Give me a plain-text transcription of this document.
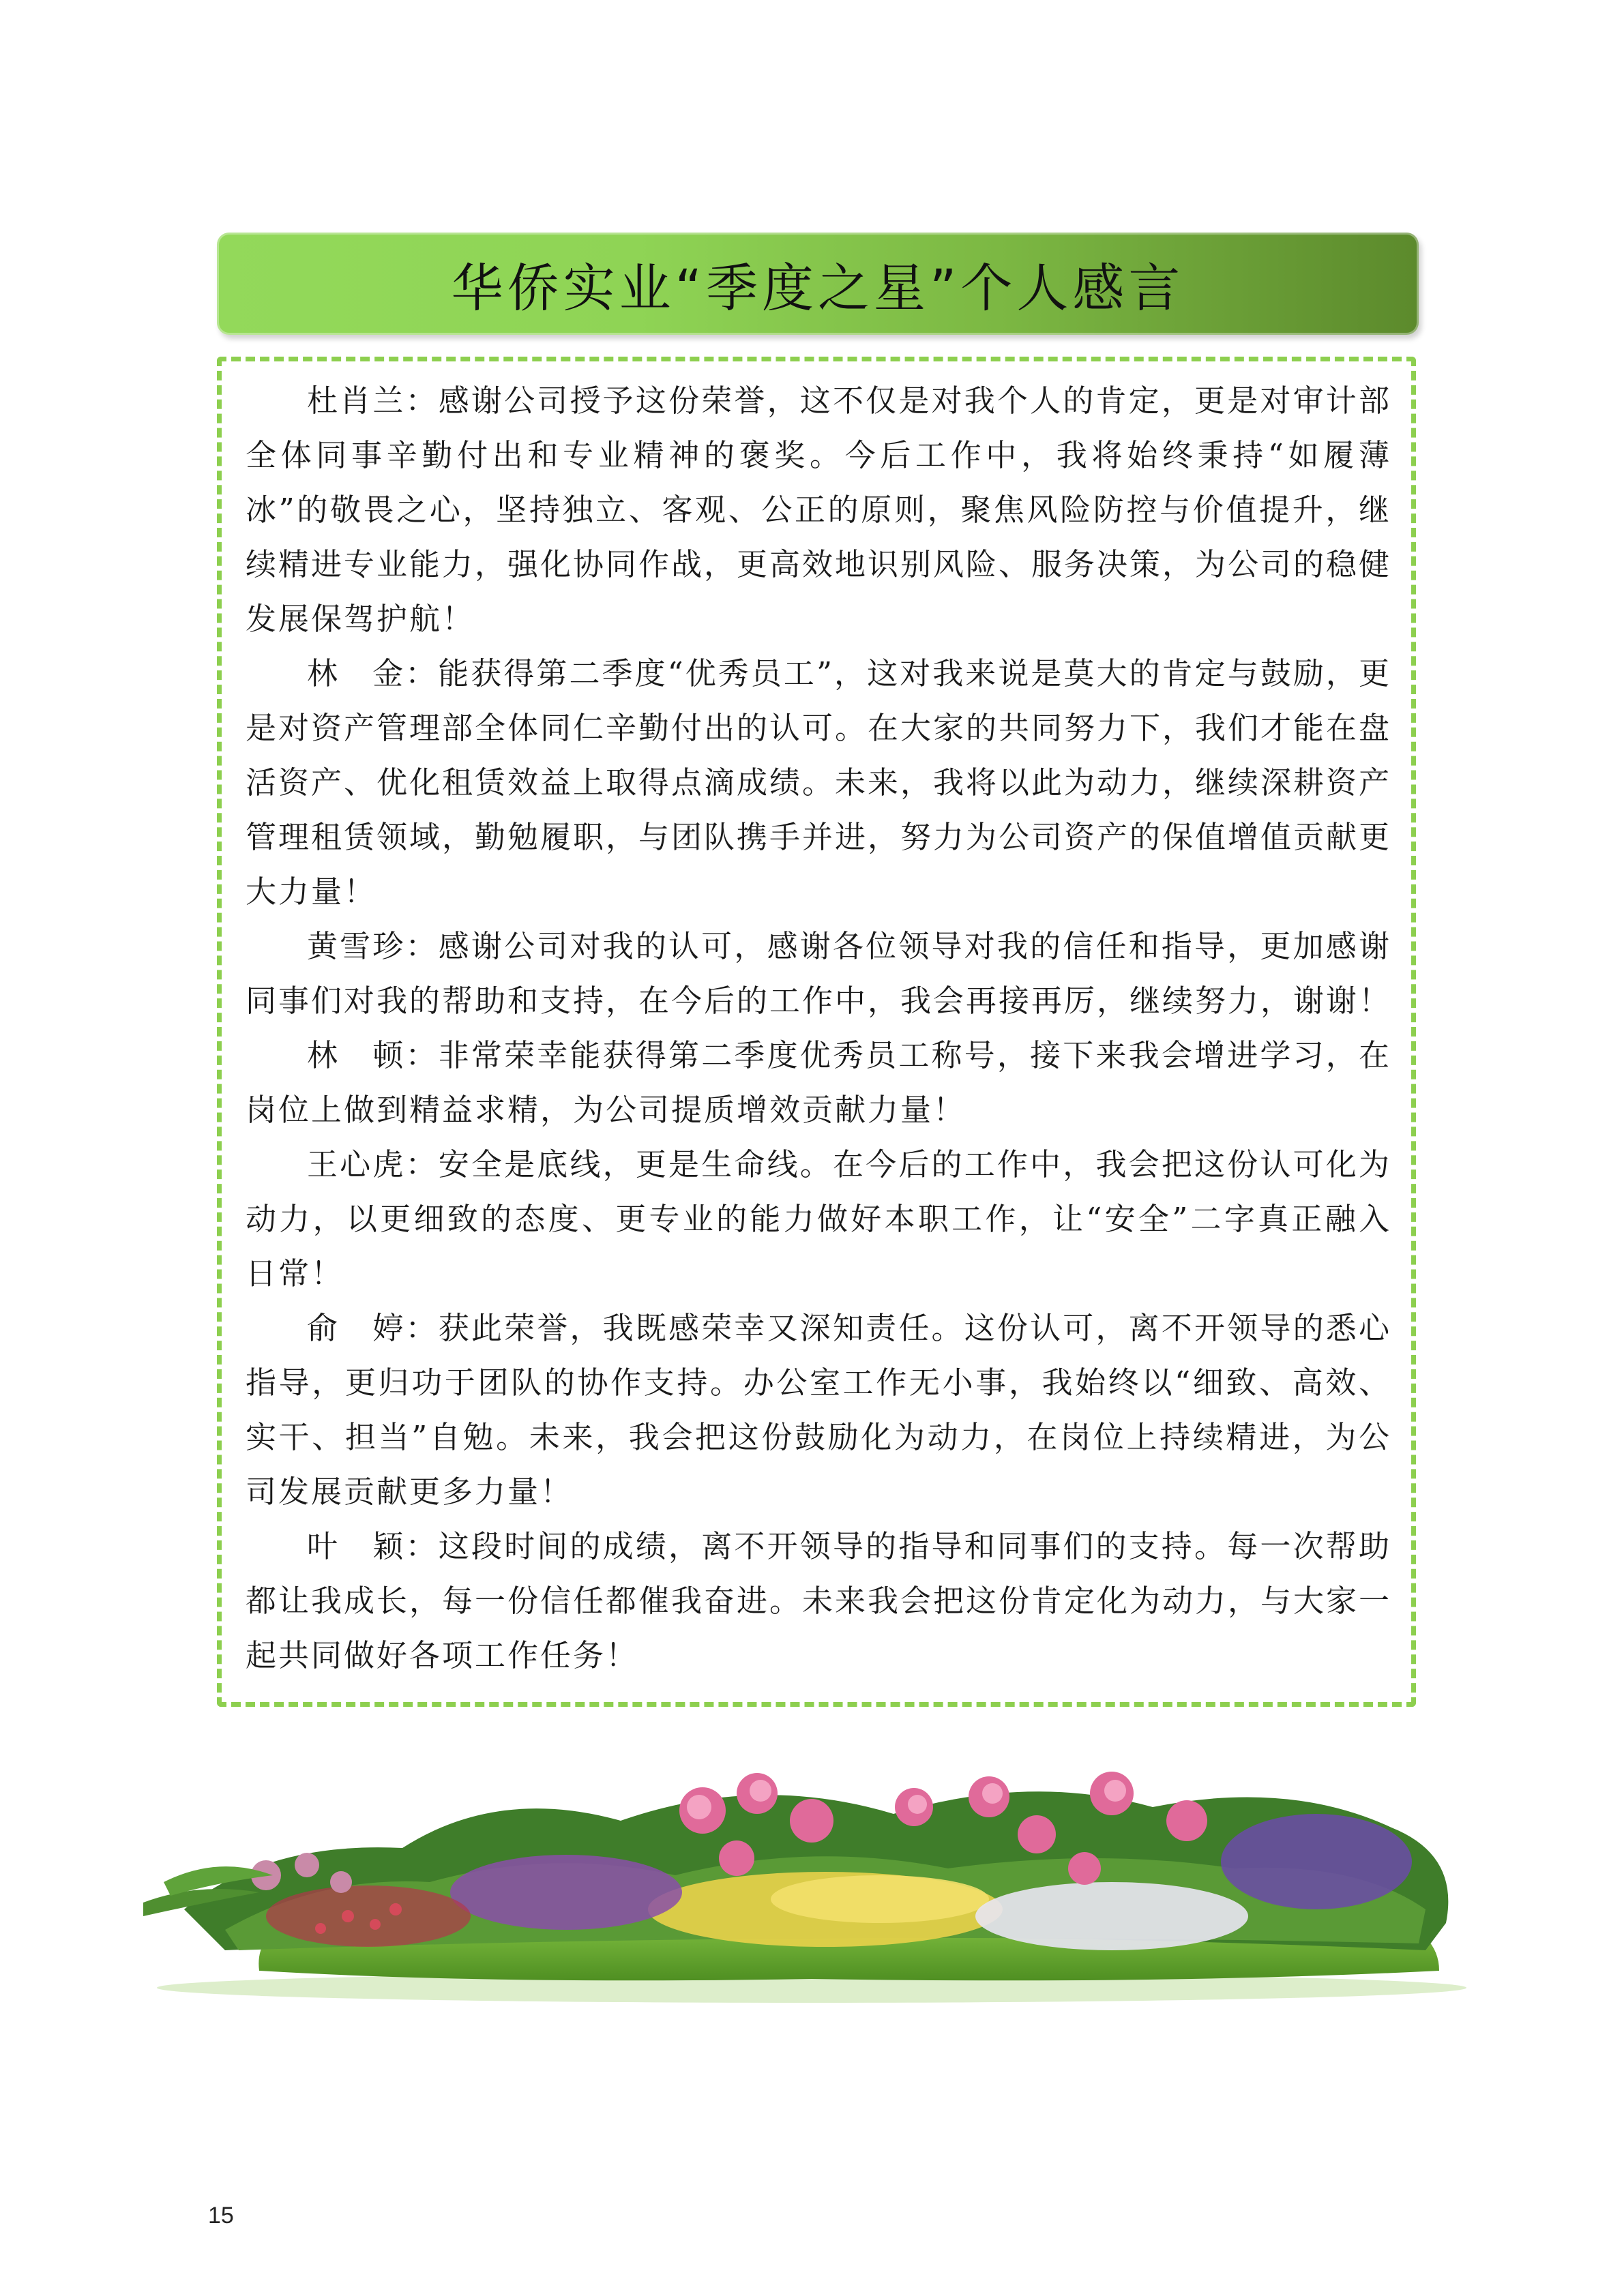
华侨实业“季度之星”个人感言

杜肖兰：感谢公司授予这份荣誉，这不仅是对我个人的肯定，更是对审计部全体同事辛勤付出和专业精神的褒奖。今后工作中，我将始终秉持“如履薄冰”的敬畏之心，坚持独立、客观、公正的原则，聚焦风险防控与价值提升，继续精进专业能力，强化协同作战，更高效地识别风险、服务决策，为公司的稳健发展保驾护航！

林　金：能获得第二季度“优秀员工”，这对我来说是莫大的肯定与鼓励，更是对资产管理部全体同仁辛勤付出的认可。在大家的共同努力下，我们才能在盘活资产、优化租赁效益上取得点滴成绩。未来，我将以此为动力，继续深耕资产管理租赁领域，勤勉履职，与团队携手并进，努力为公司资产的保值增值贡献更大力量！

黄雪珍：感谢公司对我的认可，感谢各位领导对我的信任和指导，更加感谢同事们对我的帮助和支持，在今后的工作中，我会再接再厉，继续努力，谢谢！

林　顿：非常荣幸能获得第二季度优秀员工称号，接下来我会增进学习，在岗位上做到精益求精，为公司提质增效贡献力量！

王心虎：安全是底线，更是生命线。在今后的工作中，我会把这份认可化为动力，以更细致的态度、更专业的能力做好本职工作，让“安全”二字真正融入日常！

俞　婷：获此荣誉，我既感荣幸又深知责任。这份认可，离不开领导的悉心指导，更归功于团队的协作支持。办公室工作无小事，我始终以“细致、高效、实干、担当”自勉。未来，我会把这份鼓励化为动力，在岗位上持续精进，为公司发展贡献更多力量！

叶　颖：这段时间的成绩，离不开领导的指导和同事们的支持。每一次帮助都让我成长，每一份信任都催我奋进。未来我会把这份肯定化为动力，与大家一起共同做好各项工作任务！

15
